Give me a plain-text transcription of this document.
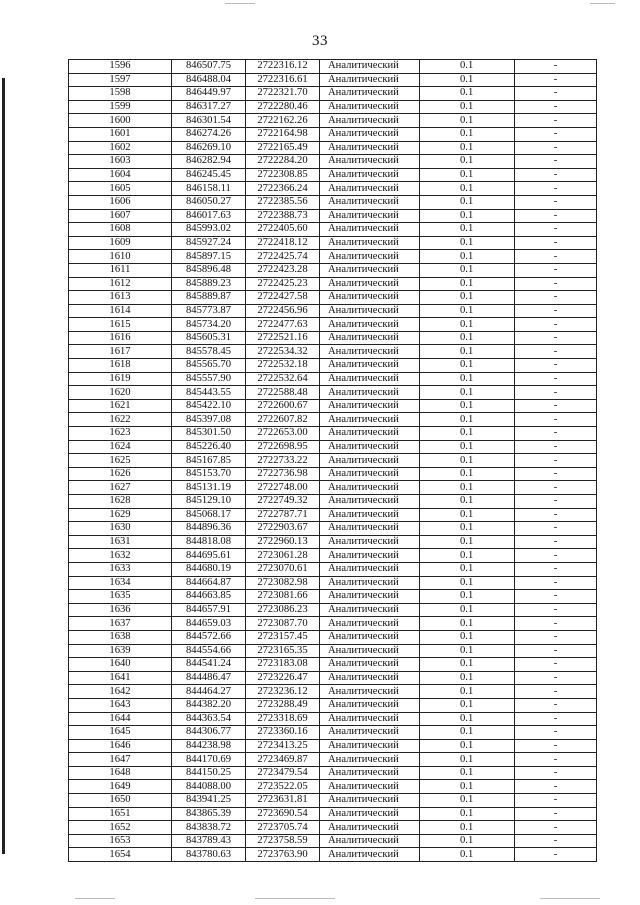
33
1596	846507.75	2722316.12	Аналитический	0.1	-
1597	846488.04	2722316.61	Аналитический	0.1	-
1598	846449.97	2722321.70	Аналитический	0.1	-
1599	846317.27	2722280.46	Аналитический	0.1	-
1600	846301.54	2722162.26	Аналитический	0.1	-
1601	846274.26	2722164.98	Аналитический	0.1	-
1602	846269.10	2722165.49	Аналитический	0.1	-
1603	846282.94	2722284.20	Аналитический	0.1	-
1604	846245.45	2722308.85	Аналитический	0.1	-
1605	846158.11	2722366.24	Аналитический	0.1	-
1606	846050.27	2722385.56	Аналитический	0.1	-
1607	846017.63	2722388.73	Аналитический	0.1	-
1608	845993.02	2722405.60	Аналитический	0.1	-
1609	845927.24	2722418.12	Аналитический	0.1	-
1610	845897.15	2722425.74	Аналитический	0.1	-
1611	845896.48	2722423.28	Аналитический	0.1	-
1612	845889.23	2722425.23	Аналитический	0.1	-
1613	845889.87	2722427.58	Аналитический	0.1	-
1614	845773.87	2722456.96	Аналитический	0.1	-
1615	845734.20	2722477.63	Аналитический	0.1	-
1616	845605.31	2722521.16	Аналитический	0.1	-
1617	845578.45	2722534.32	Аналитический	0.1	-
1618	845565.70	2722532.18	Аналитический	0.1	-
1619	845557.90	2722532.64	Аналитический	0.1	-
1620	845443.55	2722588.48	Аналитический	0.1	-
1621	845422.10	2722600.67	Аналитический	0.1	-
1622	845397.08	2722607.82	Аналитический	0.1	-
1623	845301.50	2722653.00	Аналитический	0.1	-
1624	845226.40	2722698.95	Аналитический	0.1	-
1625	845167.85	2722733.22	Аналитический	0.1	-
1626	845153.70	2722736.98	Аналитический	0.1	-
1627	845131.19	2722748.00	Аналитический	0.1	-
1628	845129.10	2722749.32	Аналитический	0.1	-
1629	845068.17	2722787.71	Аналитический	0.1	-
1630	844896.36	2722903.67	Аналитический	0.1	-
1631	844818.08	2722960.13	Аналитический	0.1	-
1632	844695.61	2723061.28	Аналитический	0.1	-
1633	844680.19	2723070.61	Аналитический	0.1	-
1634	844664.87	2723082.98	Аналитический	0.1	-
1635	844663.85	2723081.66	Аналитический	0.1	-
1636	844657.91	2723086.23	Аналитический	0.1	-
1637	844659.03	2723087.70	Аналитический	0.1	-
1638	844572.66	2723157.45	Аналитический	0.1	-
1639	844554.66	2723165.35	Аналитический	0.1	-
1640	844541.24	2723183.08	Аналитический	0.1	-
1641	844486.47	2723226.47	Аналитический	0.1	-
1642	844464.27	2723236.12	Аналитический	0.1	-
1643	844382.20	2723288.49	Аналитический	0.1	-
1644	844363.54	2723318.69	Аналитический	0.1	-
1645	844306.77	2723360.16	Аналитический	0.1	-
1646	844238.98	2723413.25	Аналитический	0.1	-
1647	844170.69	2723469.87	Аналитический	0.1	-
1648	844150.25	2723479.54	Аналитический	0.1	-
1649	844088.00	2723522.05	Аналитический	0.1	-
1650	843941.25	2723631.81	Аналитический	0.1	-
1651	843865.39	2723690.54	Аналитический	0.1	-
1652	843838.72	2723705.74	Аналитический	0.1	-
1653	843789.43	2723758.59	Аналитический	0.1	-
1654	843780.63	2723763.90	Аналитический	0.1	-
